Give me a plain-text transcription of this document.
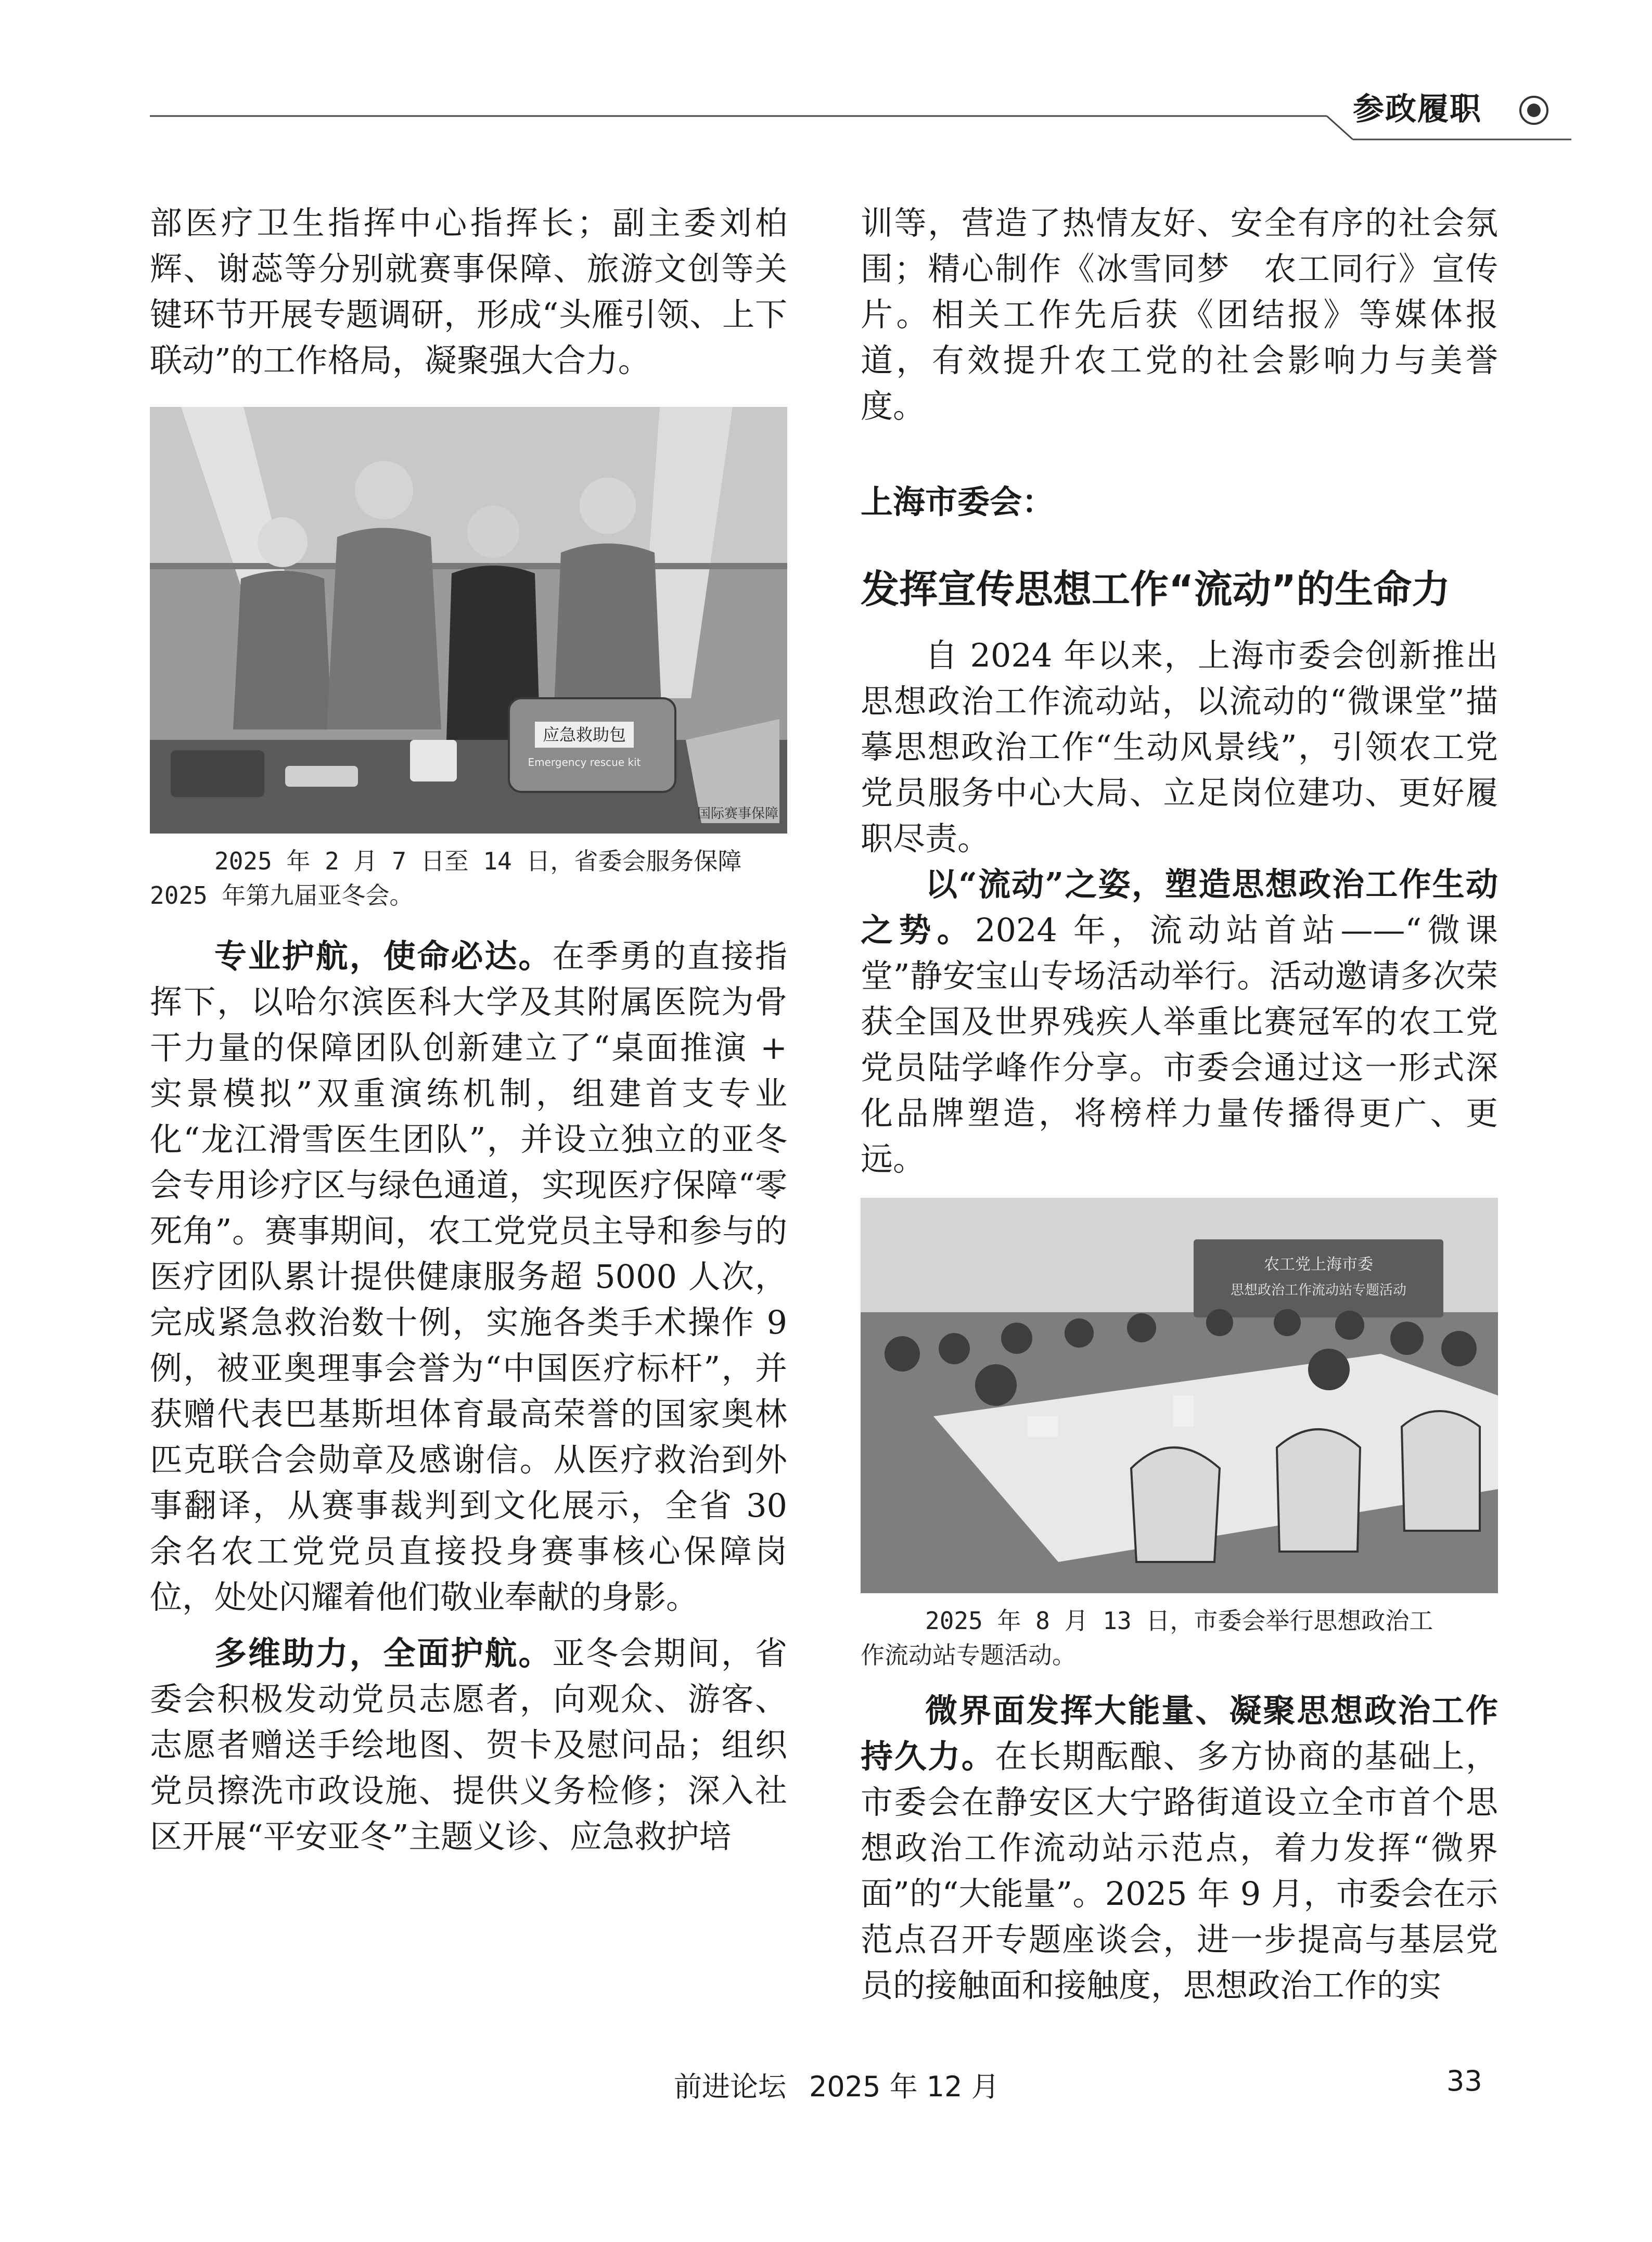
参政履职

部医疗卫生指挥中心指挥长；副主委刘柏辉、谢蕊等分别就赛事保障、旅游文创等关键环节开展专题调研，形成“头雁引领、上下联动”的工作格局，凝聚强大合力。

应急救助包
Emergency rescue kit
国际赛事保障

2025 年 2 月 7 日至 14 日，省委会服务保障
2025 年第九届亚冬会。

专业护航，使命必达。在季勇的直接指挥下，以哈尔滨医科大学及其附属医院为骨干力量的保障团队创新建立了“桌面推演 + 实景模拟”双重演练机制，组建首支专业化“龙江滑雪医生团队”，并设立独立的亚冬会专用诊疗区与绿色通道，实现医疗保障“零死角”。赛事期间，农工党党员主导和参与的医疗团队累计提供健康服务超 5000 人次，完成紧急救治数十例，实施各类手术操作 9 例，被亚奥理事会誉为“中国医疗标杆”，并获赠代表巴基斯坦体育最高荣誉的国家奥林匹克联合会勋章及感谢信。从医疗救治到外事翻译，从赛事裁判到文化展示，全省 30 余名农工党党员直接投身赛事核心保障岗位，处处闪耀着他们敬业奉献的身影。

多维助力，全面护航。亚冬会期间，省委会积极发动党员志愿者，向观众、游客、志愿者赠送手绘地图、贺卡及慰问品；组织党员擦洗市政设施、提供义务检修；深入社区开展“平安亚冬”主题义诊、应急救护培

训等，营造了热情友好、安全有序的社会氛围；精心制作《冰雪同梦　农工同行》宣传片。相关工作先后获《团结报》等媒体报道，有效提升农工党的社会影响力与美誉度。

上海市委会：

发挥宣传思想工作“流动”的生命力

自 2024 年以来，上海市委会创新推出思想政治工作流动站，以流动的“微课堂”描摹思想政治工作“生动风景线”，引领农工党党员服务中心大局、立足岗位建功、更好履职尽责。

以“流动”之姿，塑造思想政治工作生动之势。2024 年，流动站首站——“微课堂”静安宝山专场活动举行。活动邀请多次荣获全国及世界残疾人举重比赛冠军的农工党党员陆学峰作分享。市委会通过这一形式深化品牌塑造，将榜样力量传播得更广、更远。

农工党上海市委
思想政治工作流动站专题活动

2025 年 8 月 13 日，市委会举行思想政治工
作流动站专题活动。

微界面发挥大能量、凝聚思想政治工作持久力。在长期酝酿、多方协商的基础上，市委会在静安区大宁路街道设立全市首个思想政治工作流动站示范点，着力发挥“微界面”的“大能量”。2025 年 9 月，市委会在示范点召开专题座谈会，进一步提高与基层党员的接触面和接触度，思想政治工作的实

前进论坛 2025 年 12 月	33
